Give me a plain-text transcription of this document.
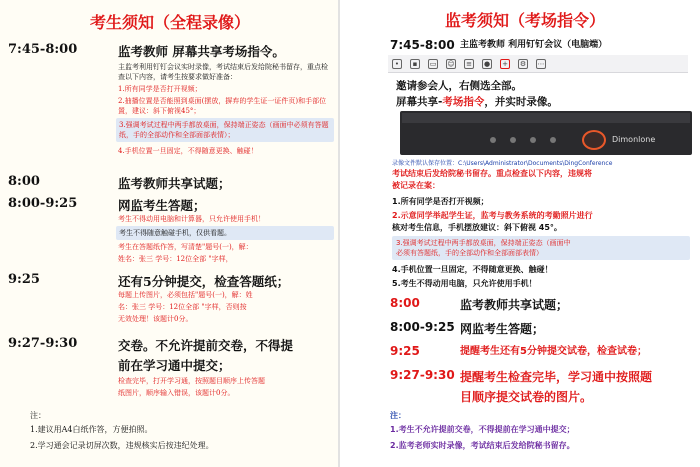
考生须知（全程录像）
7:45-8:00	监考教师 屏幕共享考场指令。
主监考利用钉钉会议实时录像，考试结束后发给院秘书留存，重点检查以下内容，请考生按要求做好准备：
1.所有同学是否打开视频；
2.抽播位置是否能照到桌面(摆放，摒弃的学生证一证件页)和手部位置，建议：斜下俯视45°；
3.强调考试过程中两手都放桌面，保持端正姿态（画面中必须有答题纸，手的全部动作和全部面部表情）；
4.手机位置一旦固定，不得随意更换、触碰！
8:00	监考教师共享试题；
8:00-9:25	网监考生答题；
考生不得动用电脑和计算器，只允许使用手机！
考生不得随意触碰手机，仅供看题。
考生在答题纸作答，写清楚"题号(一)，解：
姓名：张三 学号：12位全部 "字样，
9:25	还有5分钟提交，检查答题纸；
每题上传图片，必须包括"题号(一)，解：姓
名：张三 学号：12位全部 "字样，否则按
无效处理！该题计0分。
9:27-9:30	交卷。不允许提前交卷，不得提
前在学习通中提交；
检查完毕，打开学习通，按照题目顺序上传答题
纸图片，顺序输入错误，该题计0分。
注：
1.建议用A4白纸作答，方便拍照。
2.学习通会记录切屏次数，违规核实后按违纪处理。
监考须知（考场指令）
7:45-8:00 主监考教师 利用钉钉会议（电脑端）
•	▪	▭ ☺ ≡ ● + ⚙ ⋯
邀请参会人，右侧选全部。
屏幕共享-考场指令，并实时录像。
Dimonlone
录像文件默认保存位置：C:\Users\Administrator\Documents\DingConference
考试结束后发给院秘书留存。重点检查以下内容，违规将
被记录在案：
1.所有同学是否打开视频；
2.示意同学举起学生证，监考与教务系统的考勤照片进行
核对考生信息，手机摆放建议：斜下俯视 45°。
3.强调考试过程中两手都放桌面，保持端正姿态（画面中
必须有答题纸，手的全部动作和全部面部表情）
4.手机位置一旦固定，不得随意更换、触碰！
5.考生不得动用电脑，只允许使用手机！
8:00	监考教师共享试题；
8:00-9:25 网监考生答题；
9:25	提醒考生还有5分钟提交试卷，检查试卷；
9:27-9:30 提醒考生检查完毕，学习通中按照题
目顺序提交试卷的图片。
注：
1.考生不允许提前交卷，不得提前在学习通中提交；
2.监考老师实时录像，考试结束后发给院秘书留存。
